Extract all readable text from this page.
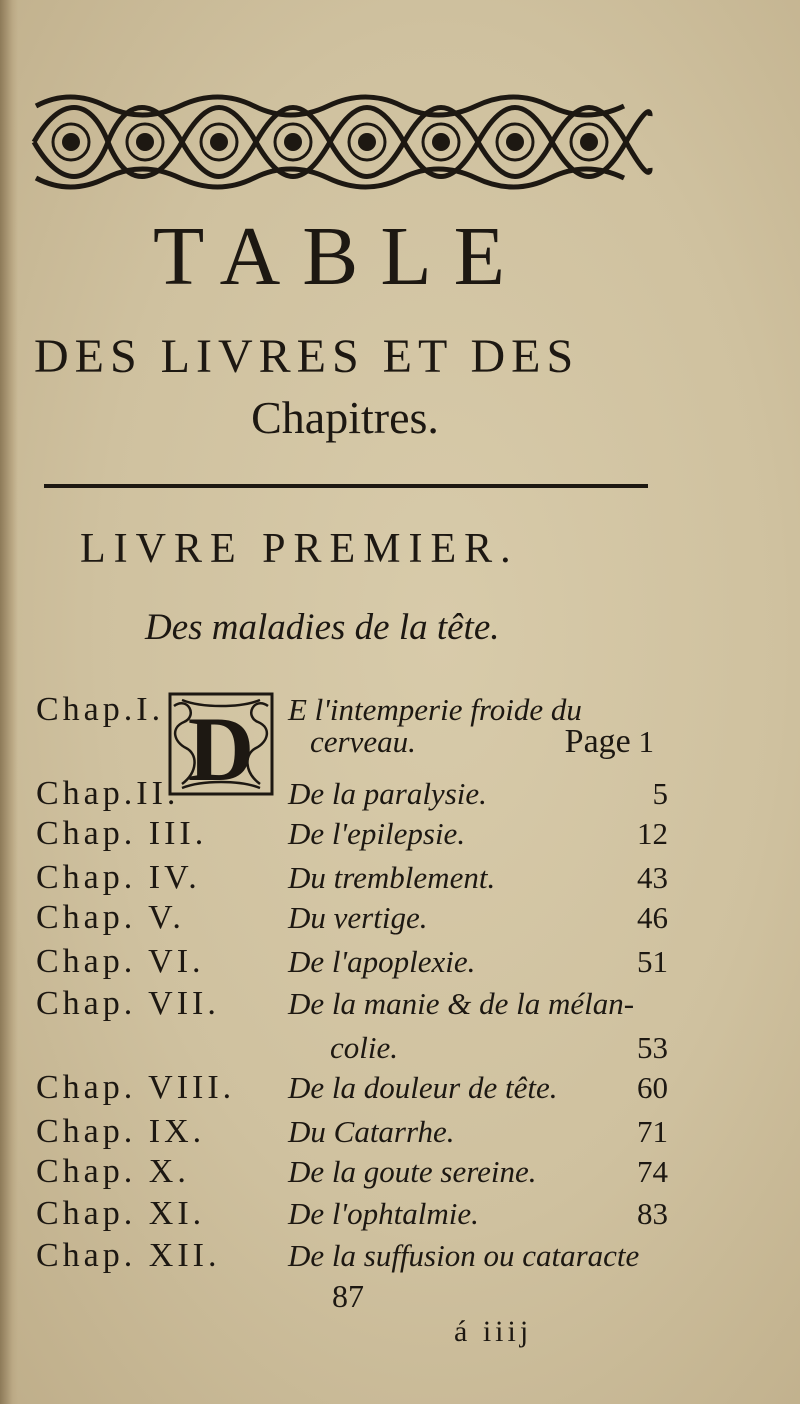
TABLE
DES LIVRES ET DES
Chapitres.
LIVRE PREMIER.
Des maladies de la tête.
Chap.I.	E l'intemperie froide du
cerveau.	Page 1
D
Chap.II.	De la paralysie.	5
Chap. III.	De l'epilepsie.	12
Chap. IV.	Du tremblement.	43
Chap. V.	Du vertige.	46
Chap. VI.	De l'apoplexie.	51
Chap. VII. De la manie & de la mélan-
colie.	53
Chap. VIII. De la douleur de tête.	60
Chap. IX.	Du Catarrhe.	71
Chap. X.	De la goute sereine.	74
Chap. XI.	De l'ophtalmie.	83
Chap. XII. De la suffusion ou cataracte
87
á iiij
